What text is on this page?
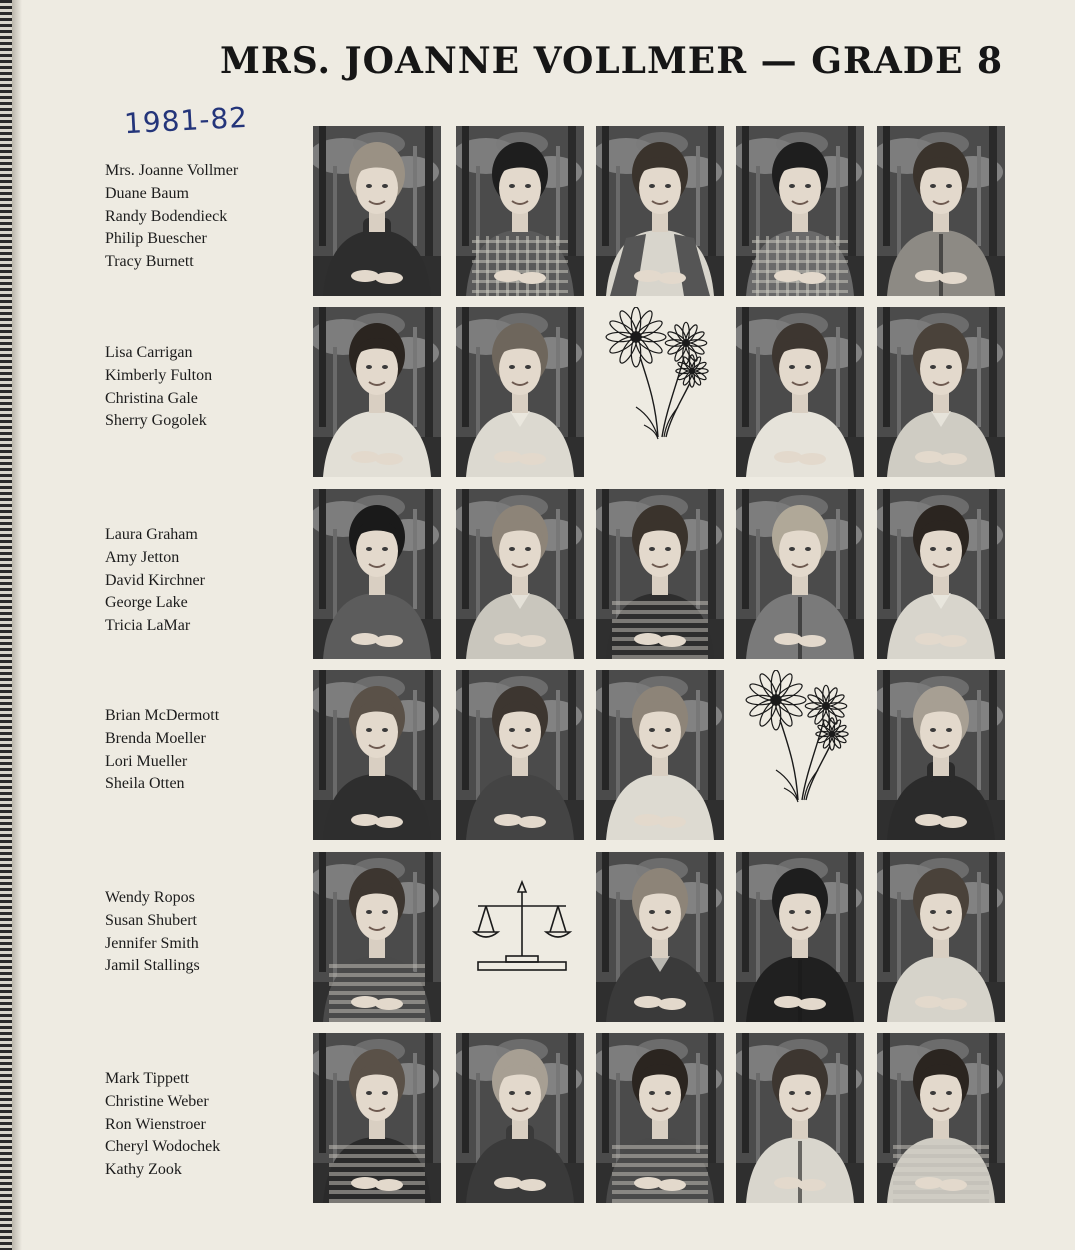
MRS. JOANNE VOLLMER — GRADE 8
1981-82
Mrs. Joanne Vollmer
Duane Baum
Randy Bodendieck
Philip Buescher
Tracy Burnett
Lisa Carrigan
Kimberly Fulton
Christina Gale
Sherry Gogolek
Laura Graham
Amy Jetton
David Kirchner
George Lake
Tricia LaMar
Brian McDermott
Brenda Moeller
Lori Mueller
Sheila Otten
Wendy Ropos
Susan Shubert
Jennifer Smith
Jamil Stallings
Mark Tippett
Christine Weber
Ron Wienstroer
Cheryl Wodochek
Kathy Zook
